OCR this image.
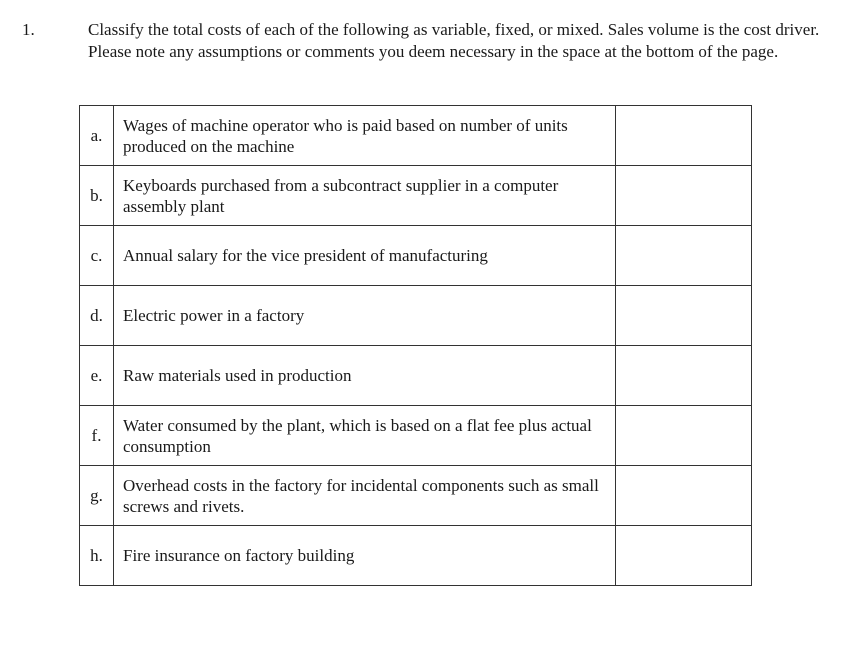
1.	Classify the total costs of each of the following as variable, fixed, or mixed. Sales volume is the cost driver. Please note any assumptions or comments you deem necessary in the space at the bottom of the page.
a.	Wages of machine operator who is paid based on number of units produced on the machine	
b.	Keyboards purchased from a subcontract supplier in a computer assembly plant	
c.	Annual salary for the vice president of manufacturing	
d.	Electric power in a factory	
e.	Raw materials used in production	
f.	Water consumed by the plant, which is based on a flat fee plus actual consumption	
g.	Overhead costs in the factory for incidental components such as small screws and rivets.	
h.	Fire insurance on factory building	
